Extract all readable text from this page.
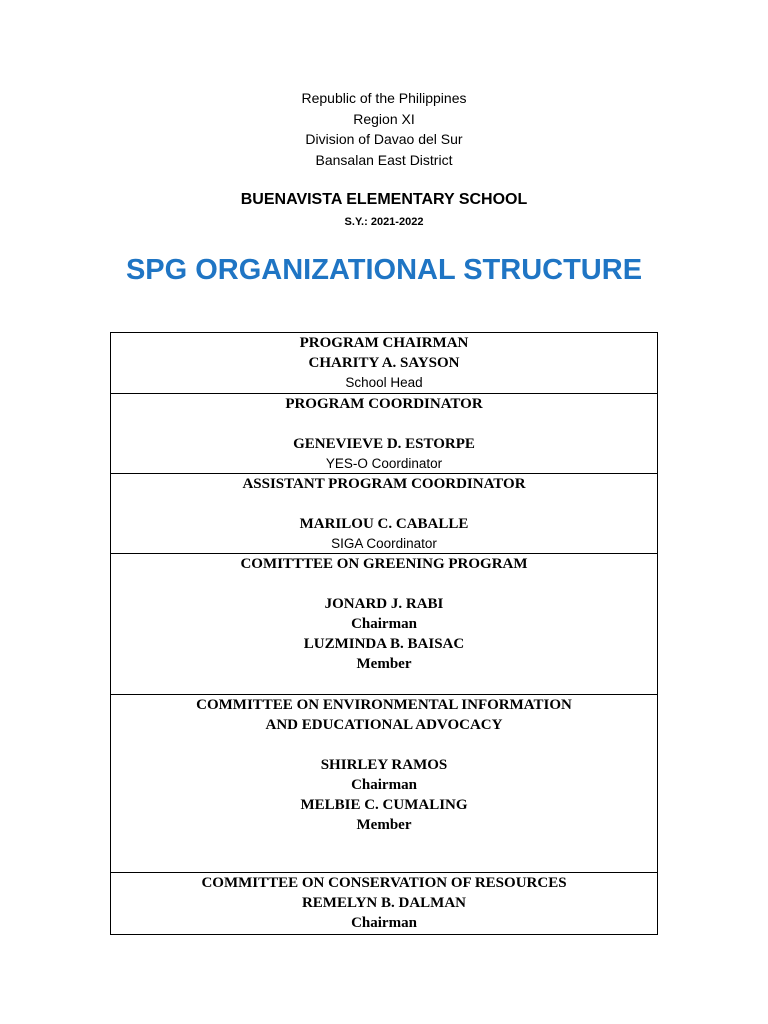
Republic of the Philippines
Region XI
Division of Davao del Sur
Bansalan East District
BUENAVISTA ELEMENTARY SCHOOL
S.Y.: 2021-2022
SPG ORGANIZATIONAL STRUCTURE
PROGRAM CHAIRMAN
CHARITY A. SAYSON
School Head
PROGRAM COORDINATOR
GENEVIEVE D. ESTORPE
YES-O Coordinator
ASSISTANT PROGRAM COORDINATOR
MARILOU C. CABALLE
SIGA Coordinator
COMITTTEE ON GREENING PROGRAM
JONARD J. RABI
Chairman
LUZMINDA B. BAISAC
Member
COMMITTEE ON ENVIRONMENTAL INFORMATION
AND EDUCATIONAL ADVOCACY
SHIRLEY RAMOS
Chairman
MELBIE C. CUMALING
Member
COMMITTEE ON CONSERVATION OF RESOURCES
REMELYN B. DALMAN
Chairman
